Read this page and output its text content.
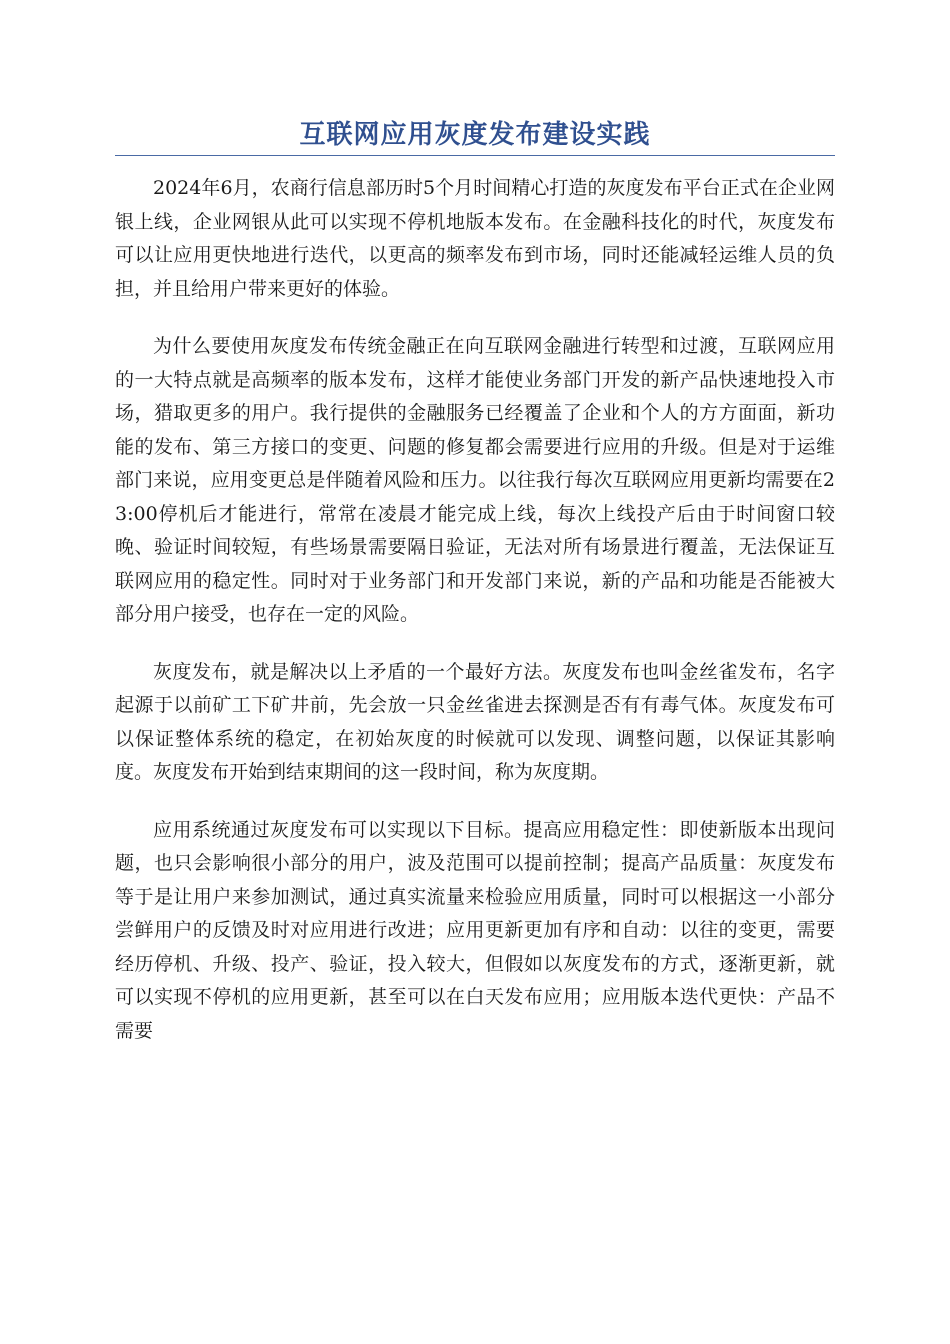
互联网应用灰度发布建设实践

2024年6月，农商行信息部历时5个月时间精心打造的灰度发布平台正式在企业网银上线，企业网银从此可以实现不停机地版本发布。在金融科技化的时代，灰度发布可以让应用更快地进行迭代，以更高的频率发布到市场，同时还能减轻运维人员的负担，并且给用户带来更好的体验。

为什么要使用灰度发布传统金融正在向互联网金融进行转型和过渡，互联网应用的一大特点就是高频率的版本发布，这样才能使业务部门开发的新产品快速地投入市场，猎取更多的用户。我行提供的金融服务已经覆盖了企业和个人的方方面面，新功能的发布、第三方接口的变更、问题的修复都会需要进行应用的升级。但是对于运维部门来说，应用变更总是伴随着风险和压力。以往我行每次互联网应用更新均需要在23:00停机后才能进行，常常在凌晨才能完成上线，每次上线投产后由于时间窗口较晚、验证时间较短，有些场景需要隔日验证，无法对所有场景进行覆盖，无法保证互联网应用的稳定性。同时对于业务部门和开发部门来说，新的产品和功能是否能被大部分用户接受，也存在一定的风险。

灰度发布，就是解决以上矛盾的一个最好方法。灰度发布也叫金丝雀发布，名字起源于以前矿工下矿井前，先会放一只金丝雀进去探测是否有有毒气体。灰度发布可以保证整体系统的稳定，在初始灰度的时候就可以发现、调整问题，以保证其影响度。灰度发布开始到结束期间的这一段时间，称为灰度期。

应用系统通过灰度发布可以实现以下目标。提高应用稳定性：即使新版本出现问题，也只会影响很小部分的用户，波及范围可以提前控制；提高产品质量：灰度发布等于是让用户来参加测试，通过真实流量来检验应用质量，同时可以根据这一小部分尝鲜用户的反馈及时对应用进行改进；应用更新更加有序和自动：以往的变更，需要经历停机、升级、投产、验证，投入较大，但假如以灰度发布的方式，逐渐更新，就可以实现不停机的应用更新，甚至可以在白天发布应用；应用版本迭代更快：产品不需要
